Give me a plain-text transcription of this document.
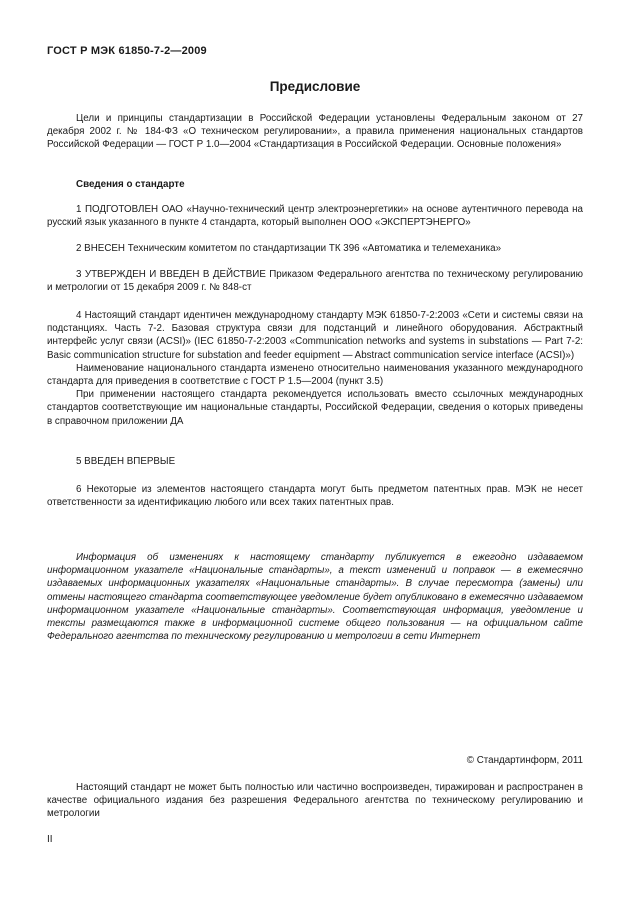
ГОСТ Р МЭК 61850-7-2—2009
Предисловие

Цели и принципы стандартизации в Российской Федерации установлены Федеральным законом от 27 декабря 2002 г. № 184-ФЗ «О техническом регулировании», а правила применения национальных стандартов Российской Федерации — ГОСТ Р 1.0—2004 «Стандартизация в Российской Федерации. Основные положения»

Сведения о стандарте

1 ПОДГОТОВЛЕН ОАО «Научно-технический центр электроэнергетики» на основе аутентичного перевода на русский язык указанного в пункте 4 стандарта, который выполнен ООО «ЭКСПЕРТЭНЕРГО»

2 ВНЕСЕН Техническим комитетом по стандартизации ТК 396 «Автоматика и телемеханика»

3 УТВЕРЖДЕН И ВВЕДЕН В ДЕЙСТВИЕ Приказом Федерального агентства по техническому регулированию и метрологии от 15 декабря 2009 г. № 848-ст

4 Настоящий стандарт идентичен международному стандарту МЭК 61850-7-2:2003 «Сети и системы связи на подстанциях. Часть 7-2. Базовая структура связи для подстанций и линейного оборудования. Абстрактный интерфейс услуг связи (ACSI)» (IEC 61850-7-2:2003 «Communication networks and systems in substations — Part 7-2: Basic communication structure for substation and feeder equipment — Abstract communication service interface (ACSI)»)

Наименование национального стандарта изменено относительно наименования указанного международного стандарта для приведения в соответствие с ГОСТ Р 1.5—2004 (пункт 3.5)

При применении настоящего стандарта рекомендуется использовать вместо ссылочных международных стандартов соответствующие им национальные стандарты, Российской Федерации, сведения о которых приведены в справочном приложении ДА

5 ВВЕДЕН ВПЕРВЫЕ

6 Некоторые из элементов настоящего стандарта могут быть предметом патентных прав. МЭК не несет ответственности за идентификацию любого или всех таких патентных прав.

Информация об изменениях к настоящему стандарту публикуется в ежегодно издаваемом информационном указателе «Национальные стандарты», а текст изменений и поправок — в ежемесячно издаваемых информационных указателях «Национальные стандарты». В случае пересмотра (замены) или отмены настоящего стандарта соответствующее уведомление будет опубликовано в ежемесячно издаваемом информационном указателе «Национальные стандарты». Соответствующая информация, уведомление и тексты размещаются также в информационной системе общего пользования — на официальном сайте Федерального агентства по техническому регулированию и метрологии в сети Интернет

© Стандартинформ, 2011

Настоящий стандарт не может быть полностью или частично воспроизведен, тиражирован и распространен в качестве официального издания без разрешения Федерального агентства по техническому регулированию и метрологии

II
